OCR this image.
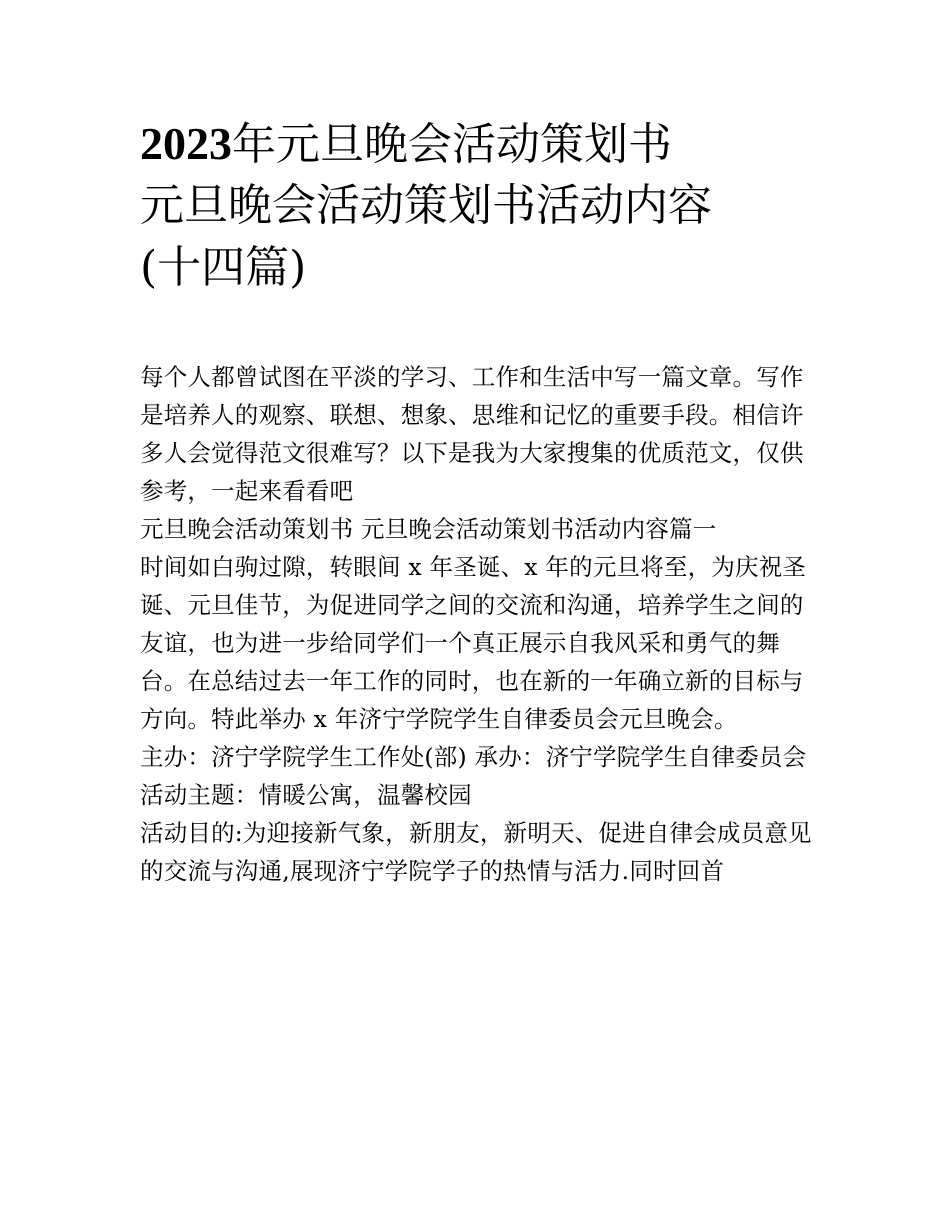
2023年元旦晚会活动策划书
元旦晚会活动策划书活动内容
(十四篇)

每个人都曾试图在平淡的学习、工作和生活中写一篇文章。写作是培养人的观察、联想、想象、思维和记忆的重要手段。相信许多人会觉得范文很难写？以下是我为大家搜集的优质范文，仅供参考，一起来看看吧

元旦晚会活动策划书 元旦晚会活动策划书活动内容篇一

时间如白驹过隙，转眼间 x 年圣诞、x 年的元旦将至，为庆祝圣诞、元旦佳节，为促进同学之间的交流和沟通，培养学生之间的友谊，也为进一步给同学们一个真正展示自我风采和勇气的舞台。在总结过去一年工作的同时，也在新的一年确立新的目标与方向。特此举办 x 年济宁学院学生自律委员会元旦晚会。

主办：济宁学院学生工作处(部) 承办：济宁学院学生自律委员会 活动主题：情暖公寓，温馨校园

活动目的:为迎接新气象，新朋友，新明天、促进自律会成员意见的交流与沟通,展现济宁学院学子的热情与活力.同时回首
